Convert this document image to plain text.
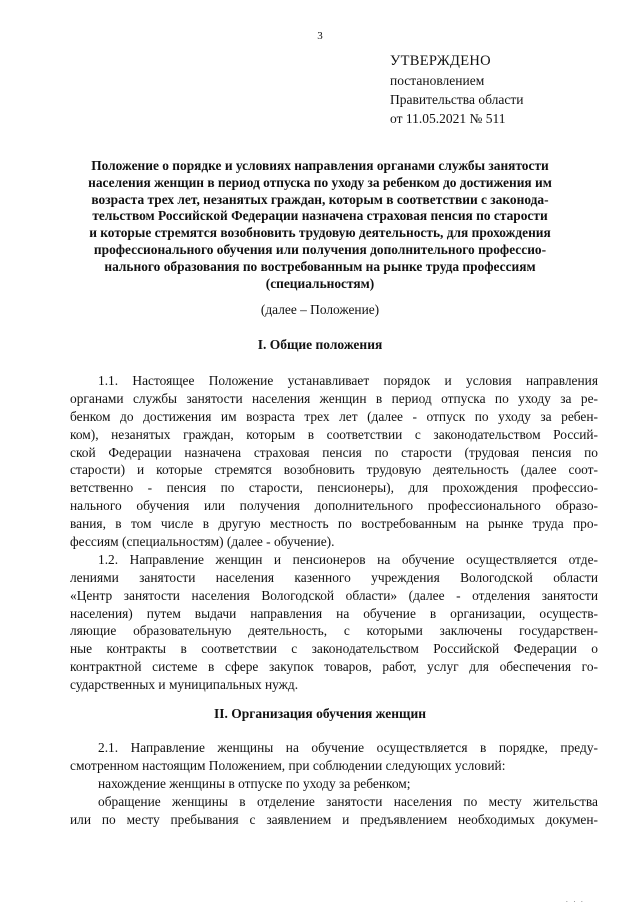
3
УТВЕРЖДЕНО
постановлением
Правительства области
от 11.05.2021 № 511
Положение о порядке и условиях направления органами службы занятости
населения женщин в период отпуска по уходу за ребенком до достижения им
возраста трех лет, незанятых граждан, которым в соответствии с законода-
тельством Российской Федерации назначена страховая пенсия по старости
и которые стремятся возобновить трудовую деятельность, для прохождения
профессионального обучения или получения дополнительного профессио-
нального образования по востребованным на рынке труда профессиям
(специальностям)
(далее – Положение)
I. Общие положения
1.1. Настоящее Положение устанавливает порядок и условия направления
органами службы занятости населения женщин в период отпуска по уходу за ре-
бенком до достижения им возраста трех лет (далее - отпуск по уходу за ребен-
ком), незанятых граждан, которым в соответствии с законодательством Россий-
ской Федерации назначена страховая пенсия по старости (трудовая пенсия по
старости) и которые стремятся возобновить трудовую деятельность (далее соот-
ветственно - пенсия по старости, пенсионеры), для прохождения профессио-
нального обучения или получения дополнительного профессионального образо-
вания, в том числе в другую местность по востребованным на рынке труда про-
фессиям (специальностям) (далее - обучение).
1.2. Направление женщин и пенсионеров на обучение осуществляется отде-
лениями занятости населения казенного учреждения Вологодской области
«Центр занятости населения Вологодской области» (далее - отделения занятости
населения) путем выдачи направления на обучение в организации, осуществ-
ляющие образовательную деятельность, с которыми заключены государствен-
ные контракты в соответствии с законодательством Российской Федерации о
контрактной системе в сфере закупок товаров, работ, услуг для обеспечения го-
сударственных и муниципальных нужд.
II. Организация обучения женщин
2.1. Направление женщины на обучение осуществляется в порядке, преду-
смотренном настоящим Положением, при соблюдении следующих условий:
нахождение женщины в отпуске по уходу за ребенком;
обращение женщины в отделение занятости населения по месту жительства
или по месту пребывания с заявлением и предъявлением необходимых докумен-
. . .
